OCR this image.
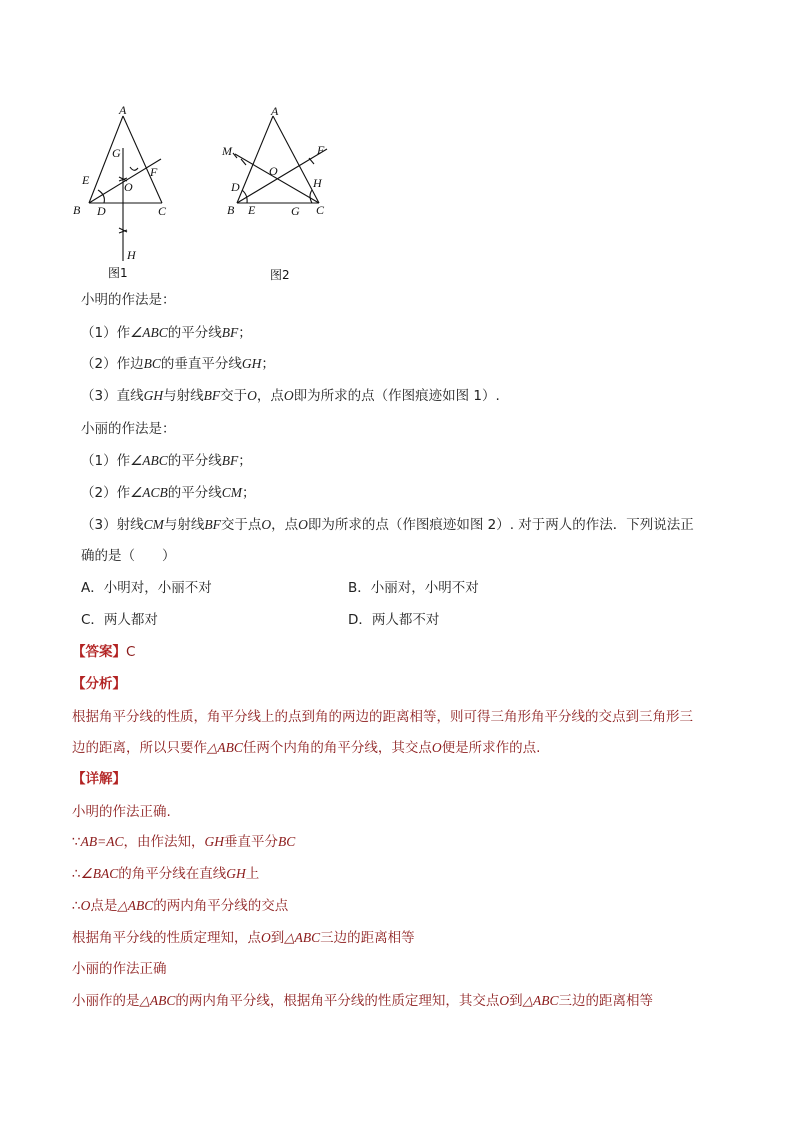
A
G
E	O
F
B D	C
H
图1
A
M	F
O
D	H
B E	G C
图2
小明的作法是：
（1）作∠ABC的平分线BF；
（2）作边BC的垂直平分线GH；
（3）直线GH与射线BF交于O，点O即为所求的点（作图痕迹如图 1）.
小丽的作法是：
（1）作∠ABC的平分线BF；
（2）作∠ACB的平分线CM；
（3）射线CM与射线BF交于点O，点O即为所求的点（作图痕迹如图 2）. 对于两人的作法．下列说法正
确的是（　　）
A．小明对，小丽不对	B．小丽对，小明不对
C．两人都对	D．两人都不对
【答案】C
【分析】
根据角平分线的性质，角平分线上的点到角的两边的距离相等，则可得三角形角平分线的交点到三角形三
边的距离，所以只要作△ABC任两个内角的角平分线，其交点O便是所求作的点.
【详解】
小明的作法正确.
∵AB=AC，由作法知，GH垂直平分BC
∴∠BAC的角平分线在直线GH上
∴O点是△ABC的两内角平分线的交点
根据角平分线的性质定理知，点O到△ABC三边的距离相等
小丽的作法正确
小丽作的是△ABC的两内角平分线，根据角平分线的性质定理知，其交点O到△ABC三边的距离相等
